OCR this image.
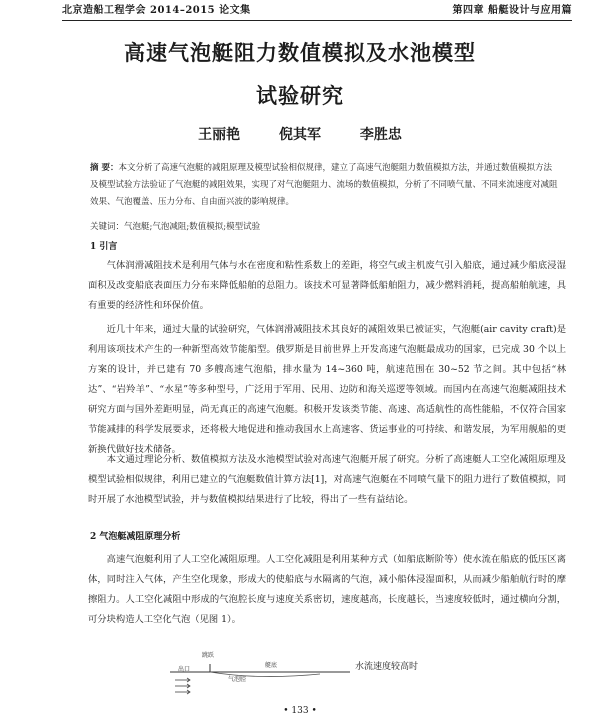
北京造船工程学会 2014–2015 论文集	第四章 船艇设计与应用篇
高速气泡艇阻力数值模拟及水池模型
试验研究
王丽艳	倪其军	李胜忠
摘 要：本文分析了高速气泡艇的减阻原理及模型试验相似规律，建立了高速气泡艇阻力数值模拟方法，并通过数值模拟方法及模型试验方法验证了气泡艇的减阻效果，实现了对气泡艇阻力、流场的数值模拟，分析了不同喷气量、不同来流速度对减阻效果、气泡覆盖、压力分布、自由面兴波的影响规律。
关键词：气泡艇;气泡减阻;数值模拟;模型试验
1 引言

气体润滑减阻技术是利用气体与水在密度和粘性系数上的差距，将空气或主机废气引入船底，通过减少船底浸湿面积及改变船底表面压力分布来降低船舶的总阻力。该技术可显著降低船舶阻力，减少燃料消耗，提高船舶航速，具有重要的经济性和环保价值。

近几十年来，通过大量的试验研究，气体润滑减阻技术其良好的减阻效果已被证实，气泡艇(air cavity craft)是利用该项技术产生的一种新型高效节能船型。俄罗斯是目前世界上开发高速气泡艇最成功的国家，已完成 30 个以上方案的设计，并已建有 70 多艘高速气泡船，排水量为 14~360 吨，航速范围在 30~52 节之间。其中包括“林达”、“岩羚羊”、“水星”等多种型号，广泛用于军用、民用、边防和海关巡逻等领域。而国内在高速气泡艇减阻技术研究方面与国外差距明显，尚无真正的高速气泡艇。积极开发该类节能、高速、高适航性的高性能船，不仅符合国家节能减排的科学发展要求，还将极大地促进和推动我国水上高速客、货运事业的可持续、和谐发展，为军用舰船的更新换代做好技术储备。

本文通过理论分析、数值模拟方法及水池模型试验对高速气泡艇开展了研究。分析了高速艇人工空化减阻原理及模型试验相似规律，利用已建立的气泡艇数值计算方法[1]，对高速气泡艇在不同喷气量下的阻力进行了数值模拟，同时开展了水池模型试验，并与数值模拟结果进行了比较，得出了一些有益结论。

2 气泡艇减阻原理分析

高速气泡艇利用了人工空化减阻原理。人工空化减阻是利用某种方式（如船底断阶等）使水流在船底的低压区离体，同时注入气体，产生空化现象，形成大的使船底与水隔离的气泡，减小船体浸湿面积，从而减少船舶航行时的摩擦阻力。人工空化减阻中形成的气泡腔长度与速度关系密切，速度越高，长度越长，当速度较低时，通过横向分割，可分块构造人工空化气泡（见图 1）。

跳跃
艇底
出口
气泡腔
水流速度较高时
• 133 •
